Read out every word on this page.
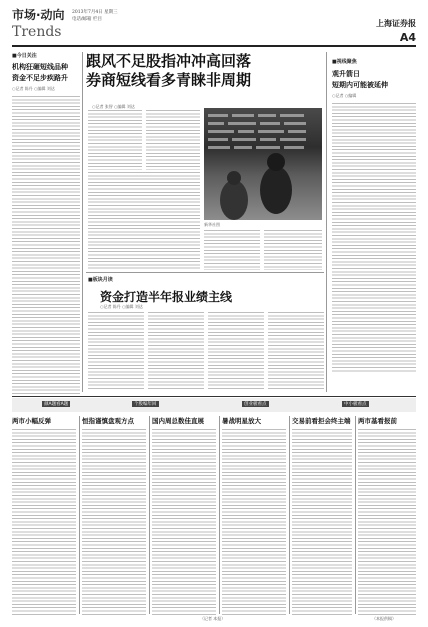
市场·动向
Trends
2013年7月4日 星期三
电话/邮箱 栏目	上海证券报
A4
■今日关注
机构狂砸短线品种
资金不足步疾路升
○记者 陈丹 ○编辑 刘达
跟风不足股指冲冲高回落
券商短线看多青睐非周期
○记者 张智 ○编辑 刘达
新华社图
■视线聚焦
观升箭日
短期内可能被延伸
○记者 ○编辑
■板块月读
资金打造半年报业绩主线
○记者 陈丹 ○编辑 刘达
颜A题看A题	个股编年回	创业板看点	中小板看点
两市小幅反弹	恒指谨慎盘观方点	国内周总数佳直展	暑战明星放大	交易前看拒会终主端 两市基看报前
（记者 本报）	（本报供稿）
